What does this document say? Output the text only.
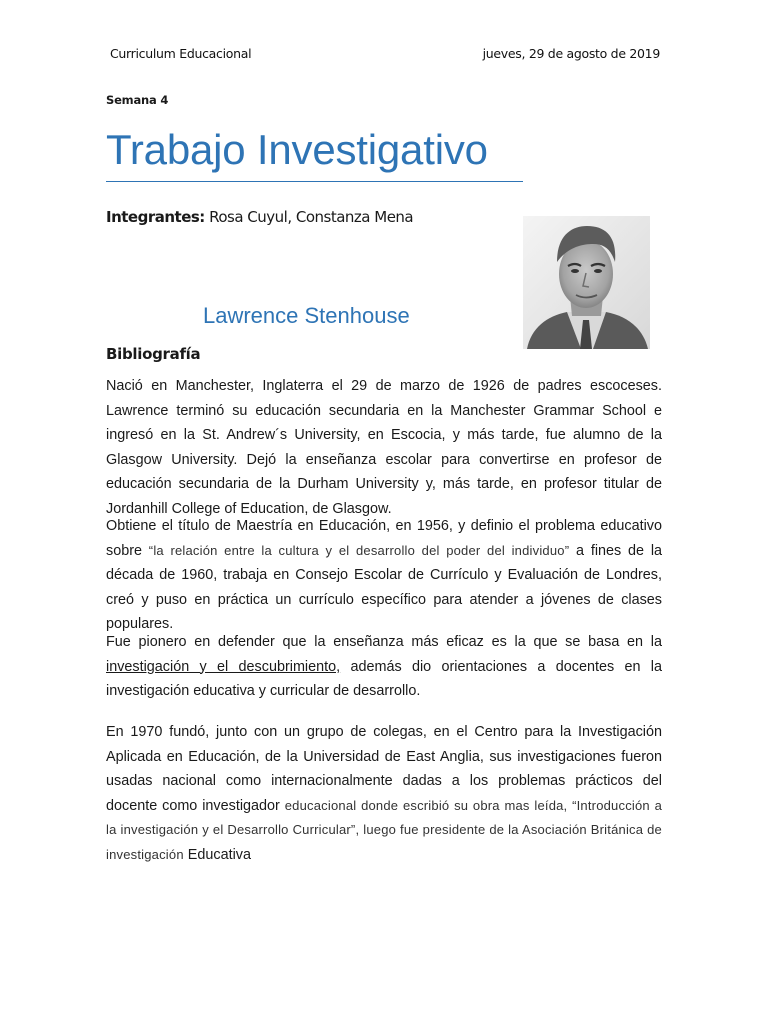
Curriculum Educacional	jueves, 29 de agosto de 2019
Semana 4
Trabajo Investigativo
Integrantes: Rosa Cuyul, Constanza Mena
Lawrence Stenhouse
Bibliografía

Nació en Manchester, Inglaterra el 29 de marzo de 1926 de padres escoceses. Lawrence terminó su educación secundaria en la Manchester Grammar School e ingresó en la St. Andrew´s University, en Escocia, y más tarde, fue alumno de la Glasgow University. Dejó la enseñanza escolar para convertirse en profesor de educación secundaria de la Durham University y, más tarde, en profesor titular de Jordanhill College of Education, de Glasgow.

Obtiene el título de Maestría en Educación, en 1956, y definio el problema educativo sobre “la relación entre la cultura y el desarrollo del poder del individuo” a fines de la década de 1960, trabaja en Consejo Escolar de Currículo y Evaluación de Londres, creó y puso en práctica un currículo específico para atender a jóvenes de clases populares.

Fue pionero en defender que la enseñanza más eficaz es la que se basa en la investigación y el descubrimiento, además dio orientaciones a docentes en la investigación educativa y curricular de desarrollo.

En 1970 fundó, junto con un grupo de colegas, en el Centro para la Investigación Aplicada en Educación, de la Universidad de East Anglia, sus investigaciones fueron usadas nacional como internacionalmente dadas a los problemas prácticos del docente como investigador educacional donde escribió su obra mas leída, “Introducción a la investigación y el Desarrollo Curricular”, luego fue presidente de la Asociación Británica de investigación Educativa
